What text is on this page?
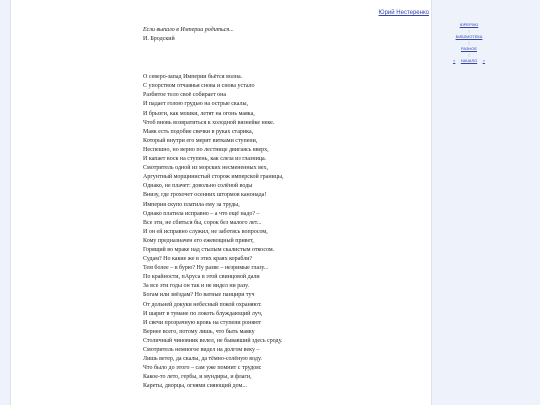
Юрий Нестеренко

Если выпало в Империи родиться...

И. Бродский

О северо-запад Империи бьётся волна.
С упорством отчаянья снова и снова устало
Разбитое тело своё собирает она
И падает голою грудью на острые скалы,
И брызги, как мошки, летят на огонь маяка,
Чтоб вновь возвратиться к холодной вязнейке неке.
Маяк есть подобие свечки в руках старика,
Который внутри его мерит витками ступени,
Неспешно, но верно по лестнице двигаясь вверх,
И капает воск на ступень, как слеза из глазница.
Смотритель одной из морских несмененных вех,
Аргунтный морщинистый сторож имперской границы,
Однако, не плачет: довольно солёной воды
Внизу, где грохочет осенних штормов канонада!
Империя скупо платила ему за труды,
Однако платила исправно – а что ещё надо? –
Все эти, не сбиться бы, сорок без малого лет...
И он ей исправно служил, не заботясь вопросом,
Кому предназначен его ежевощный привет,
Горящий во мраке над стылым скалистым откосом.
Судам? Но какие же в этих краях корабли?
Тем более – в бурю? Ну разве – незримые глазу...
По крайности, пАруса в этой свинцовой дали
За все эти годы он так и не видел ни разу.
Богам или звёздам? Но ватные панцири туч
От дольней докуки небесный покой охраняют.
И шарит в тумане по локоть блуждающий луч,
И свечи прозрачную кровь на ступени роняют
Вернее всего, потому лишь, что быть маяку
Столичный чиновник велел, не бывавший здесь сроду.
Смотритель немногое видел на долгом веку –
Лишь ветер, да скалы, да тёмно-солёную воду.
Что было до этого – сам уже помнит с трудом:
Какое-то лето, гербы, и мундиры, и флаги,
Кареты, дворцы, огнями сияющий дом...
ЮРЕРХЮ
|
БИБЛИОТЕКА
|
РАЗНОЕ
|
< НАЧАЛО >
